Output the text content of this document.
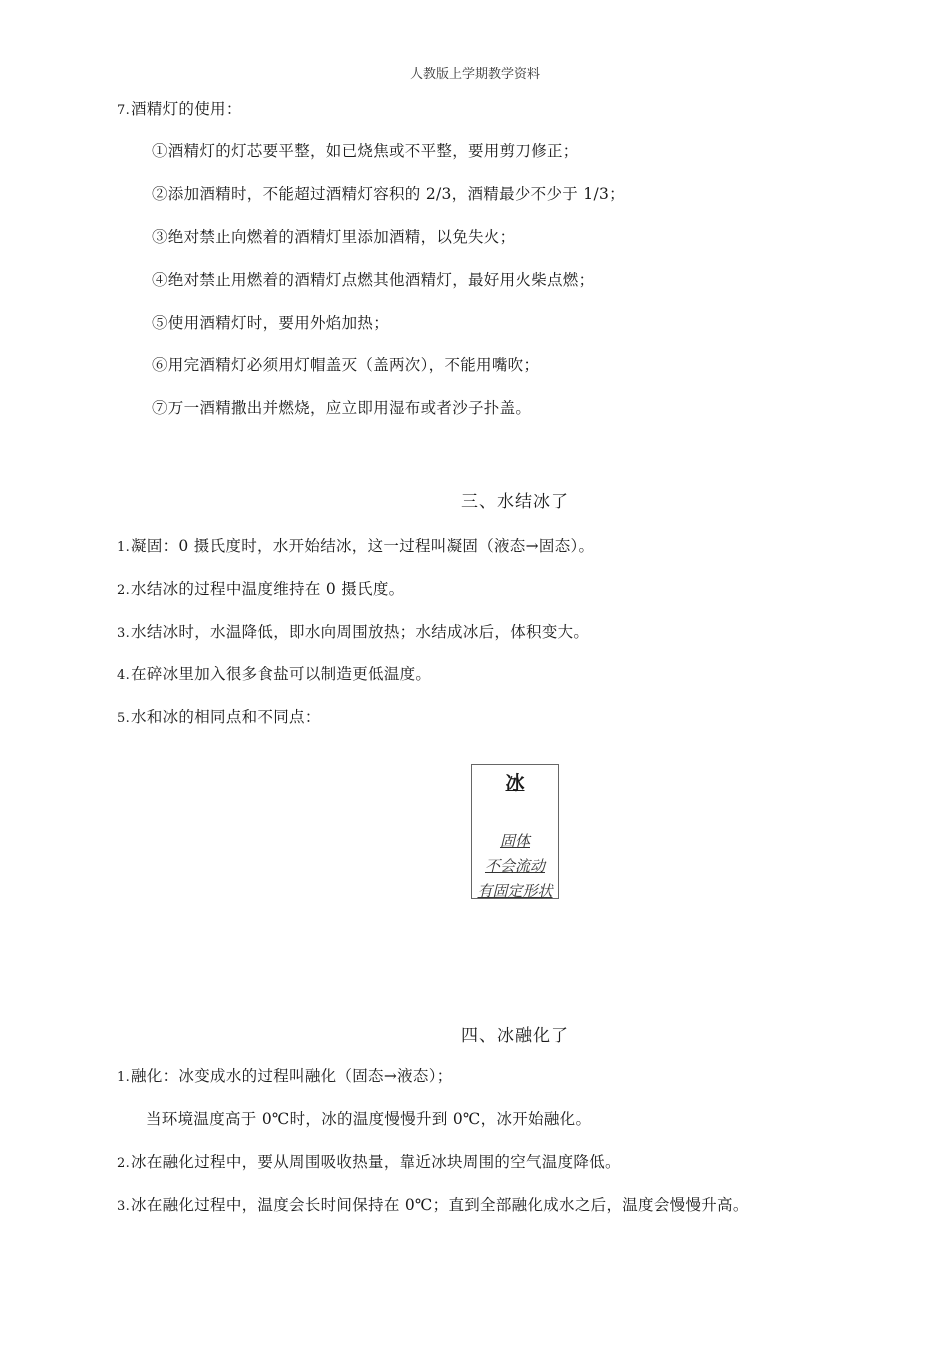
人教版上学期教学资料
7.酒精灯的使用：
①酒精灯的灯芯要平整，如已烧焦或不平整，要用剪刀修正；
②添加酒精时，不能超过酒精灯容积的 2/3，酒精最少不少于 1/3；
③绝对禁止向燃着的酒精灯里添加酒精，以免失火；
④绝对禁止用燃着的酒精灯点燃其他酒精灯，最好用火柴点燃；
⑤使用酒精灯时，要用外焰加热；
⑥用完酒精灯必须用灯帽盖灭（盖两次），不能用嘴吹；
⑦万一酒精撒出并燃烧，应立即用湿布或者沙子扑盖。
三、水结冰了
1.凝固：0 摄氏度时，水开始结冰，这一过程叫凝固（液态→固态）。
2.水结冰的过程中温度维持在 0 摄氏度。
3.水结冰时，水温降低，即水向周围放热；水结成冰后，体积变大。
4.在碎冰里加入很多食盐可以制造更低温度。
5.水和冰的相同点和不同点：
冰
固体
不会流动
有固定形状
四、冰融化了
1.融化：冰变成水的过程叫融化（固态→液态）；
当环境温度高于 0℃时，冰的温度慢慢升到 0℃，冰开始融化。
2.冰在融化过程中，要从周围吸收热量，靠近冰块周围的空气温度降低。
3.冰在融化过程中，温度会长时间保持在 0℃；直到全部融化成水之后，温度会慢慢升高。
